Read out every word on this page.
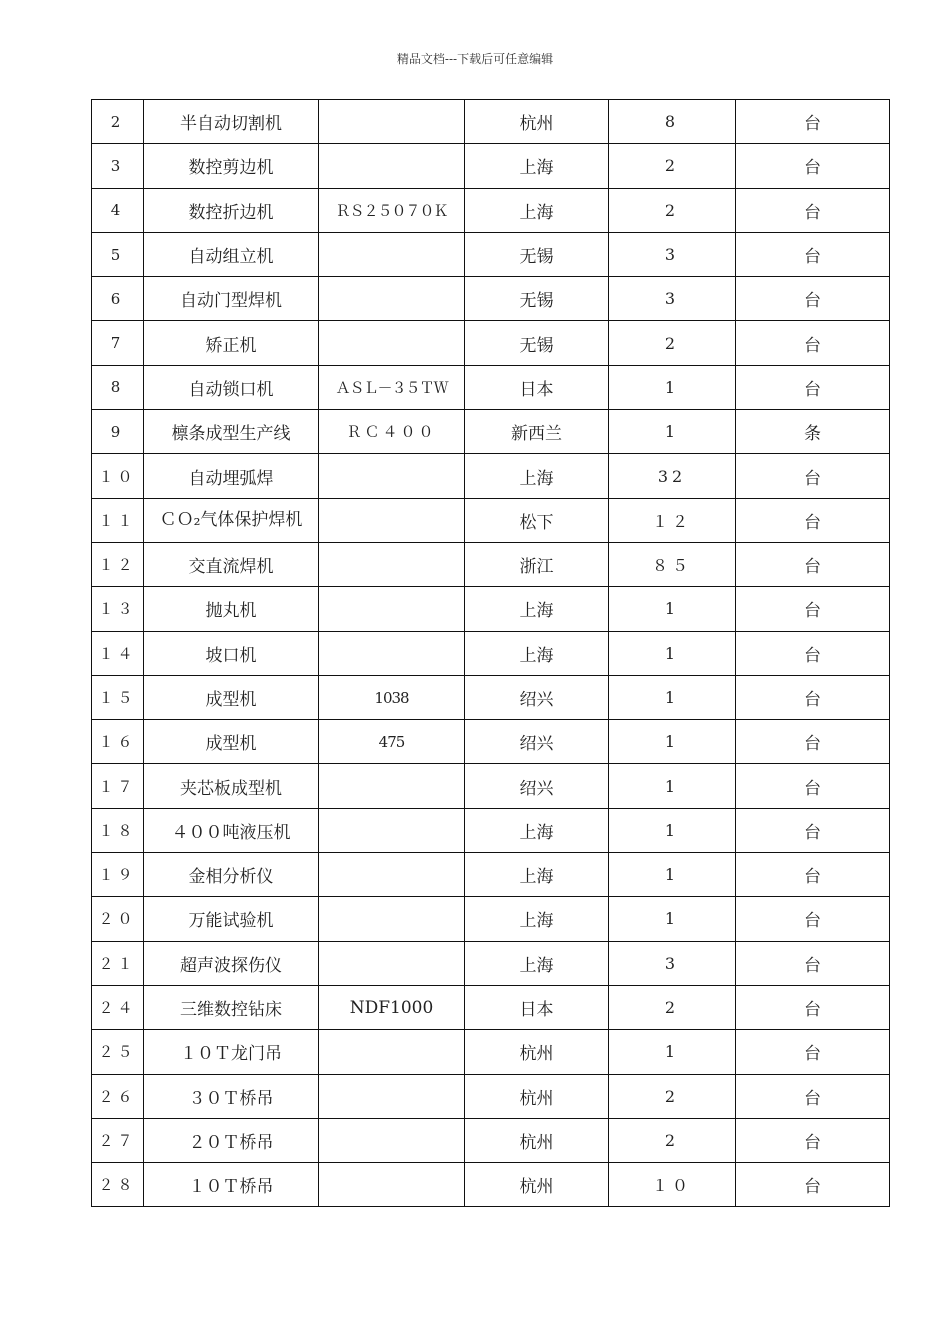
精品文档---下载后可任意编辑
2	半自动切割机		杭州	8	台
3	数控剪边机		上海	2	台
4	数控折边机	ＲＳ２５０７０Ｋ	上海	2	台
5	自动组立机		无锡	3	台
6	自动门型焊机		无锡	3	台
7	矫正机		无锡	2	台
8	自动锁口机	ＡＳＬ－３５ＴＷ	日本	1	台
9	檩条成型生产线	ＲＣ４００	新西兰	1	条
１０	自动埋弧焊		上海	32	台
１１	ＣＯ₂气体保护焊机		松下	１２	台
１２	交直流焊机		浙江	８５	台
１３	抛丸机		上海	1	台
１４	坡口机		上海	1	台
１５	成型机	1038	绍兴	1	台
１６	成型机	475	绍兴	1	台
１７	夹芯板成型机		绍兴	1	台
１８	４００吨液压机		上海	1	台
１９	金相分析仪		上海	1	台
２０	万能试验机		上海	1	台
２１	超声波探伤仪		上海	3	台
２４	三维数控钻床	NDF1000	日本	2	台
２５	１０Ｔ龙门吊		杭州	1	台
２６	３０Ｔ桥吊		杭州	2	台
２７	２０Ｔ桥吊		杭州	2	台
２８	１０Ｔ桥吊		杭州	１０	台
